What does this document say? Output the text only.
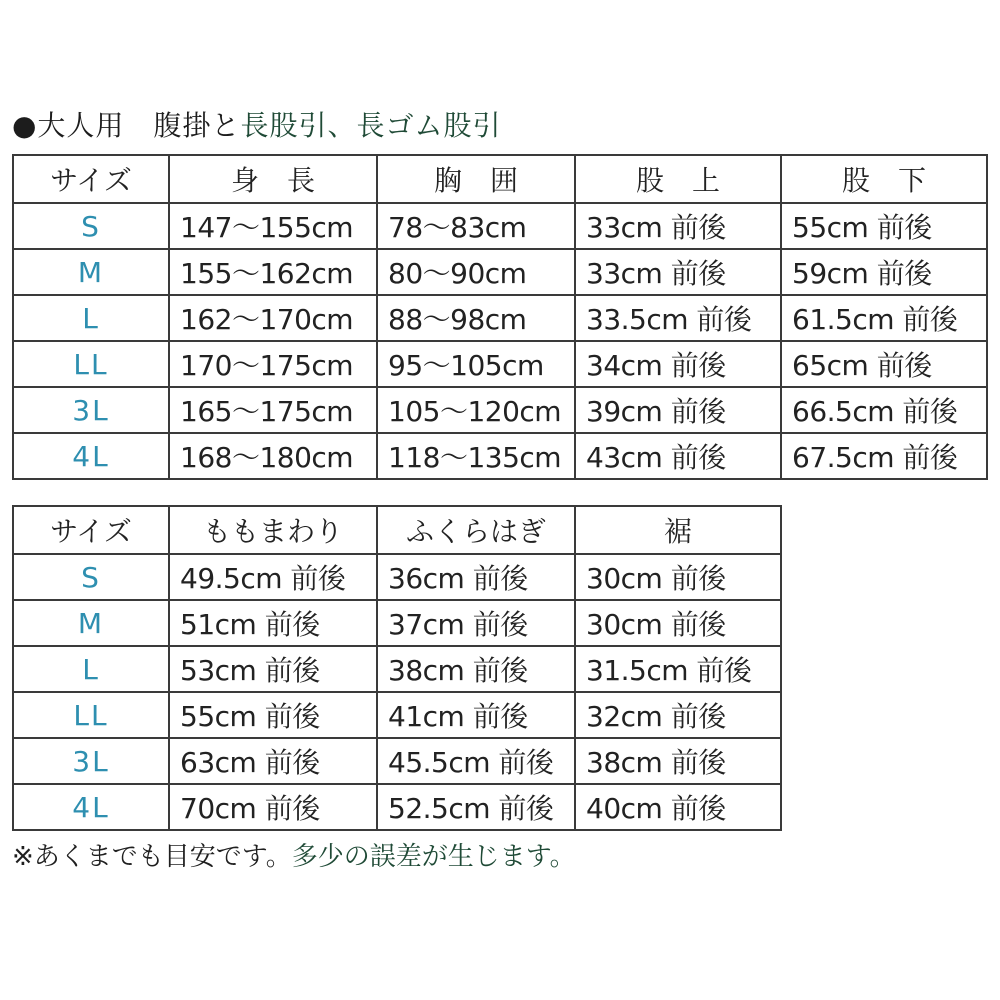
●大人用　腹掛と長股引、長ゴム股引
サイズ	身　長	胸　囲	股　上	股　下
S	147〜155cm	78〜83cm	33cm 前後	55cm 前後
M	155〜162cm	80〜90cm	33cm 前後	59cm 前後
L	162〜170cm	88〜98cm	33.5cm 前後	61.5cm 前後
LL	170〜175cm	95〜105cm	34cm 前後	65cm 前後
3L	165〜175cm	105〜120cm	39cm 前後	66.5cm 前後
4L	168〜180cm	118〜135cm	43cm 前後	67.5cm 前後
サイズ	ももまわり	ふくらはぎ	裾
S	49.5cm 前後	36cm 前後	30cm 前後
M	51cm 前後	37cm 前後	30cm 前後
L	53cm 前後	38cm 前後	31.5cm 前後
LL	55cm 前後	41cm 前後	32cm 前後
3L	63cm 前後	45.5cm 前後	38cm 前後
4L	70cm 前後	52.5cm 前後	40cm 前後
※あくまでも目安です。多少の誤差が生じます。
